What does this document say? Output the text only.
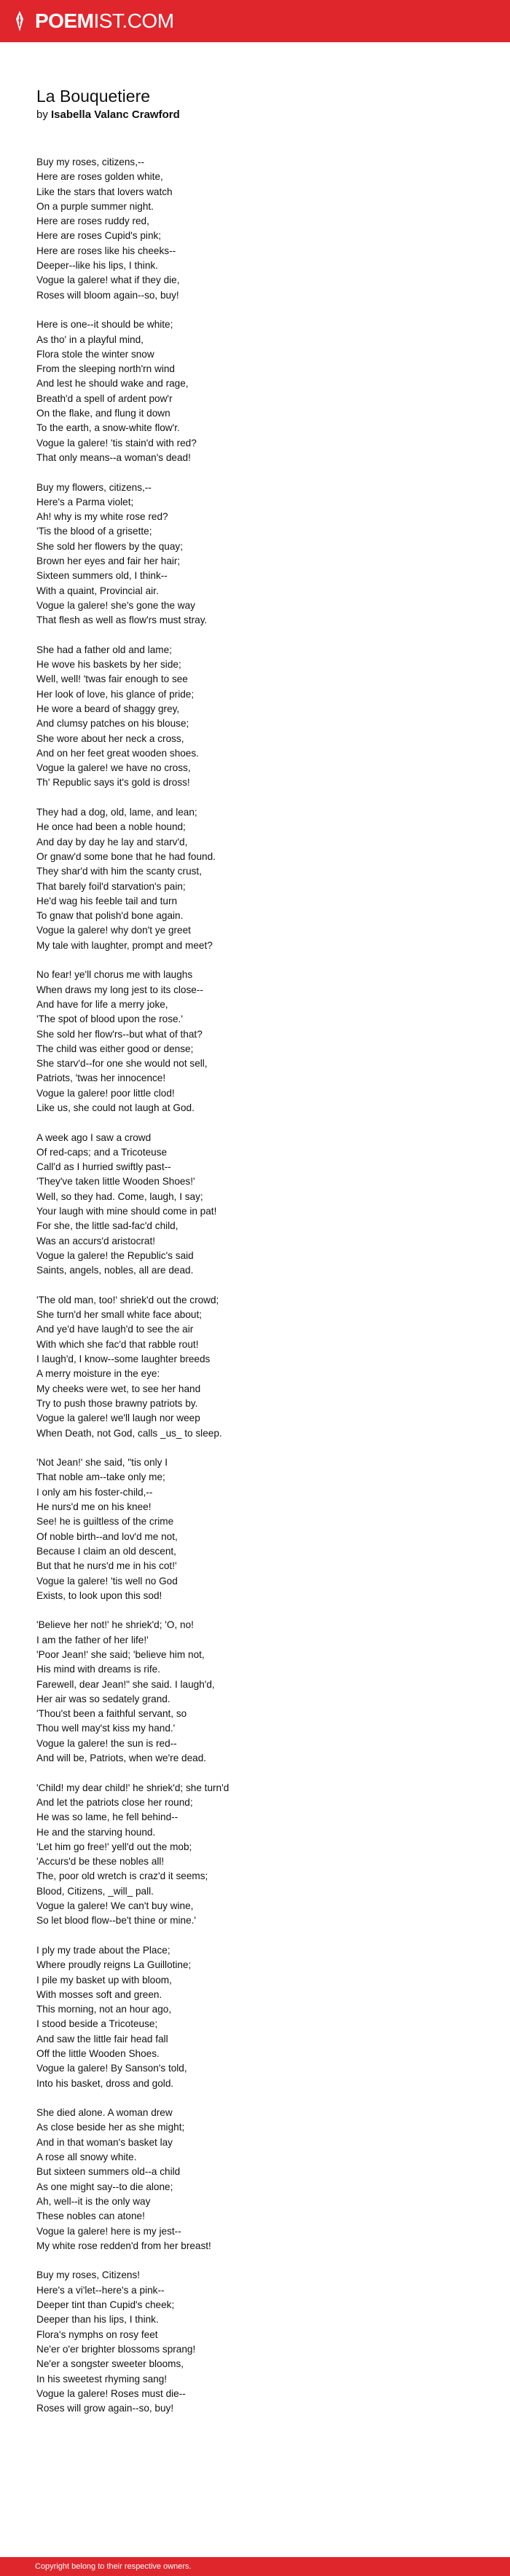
POEMIST.COM
La Bouquetiere
by Isabella Valanc Crawford
Buy my roses, citizens,--
Here are roses golden white,
Like the stars that lovers watch
On a purple summer night.
Here are roses ruddy red,
Here are roses Cupid's pink;
Here are roses like his cheeks--
Deeper--like his lips, I think.
Vogue la galere! what if they die,
Roses will bloom again--so, buy!
Here is one--it should be white;
As tho' in a playful mind,
Flora stole the winter snow
From the sleeping north'rn wind
And lest he should wake and rage,
Breath'd a spell of ardent pow'r
On the flake, and flung it down
To the earth, a snow-white flow'r.
Vogue la galere! 'tis stain'd with red?
That only means--a woman's dead!
Buy my flowers, citizens,--
Here's a Parma violet;
Ah! why is my white rose red?
'Tis the blood of a grisette;
She sold her flowers by the quay;
Brown her eyes and fair her hair;
Sixteen summers old, I think--
With a quaint, Provincial air.
Vogue la galere! she's gone the way
That flesh as well as flow'rs must stray.
She had a father old and lame;
He wove his baskets by her side;
Well, well! 'twas fair enough to see
Her look of love, his glance of pride;
He wore a beard of shaggy grey,
And clumsy patches on his blouse;
She wore about her neck a cross,
And on her feet great wooden shoes.
Vogue la galere! we have no cross,
Th' Republic says it's gold is dross!
They had a dog, old, lame, and lean;
He once had been a noble hound;
And day by day he lay and starv'd,
Or gnaw'd some bone that he had found.
They shar'd with him the scanty crust,
That barely foil'd starvation's pain;
He'd wag his feeble tail and turn
To gnaw that polish'd bone again.
Vogue la galere! why don't ye greet
My tale with laughter, prompt and meet?
No fear! ye'll chorus me with laughs
When draws my long jest to its close--
And have for life a merry joke,
'The spot of blood upon the rose.'
She sold her flow'rs--but what of that?
The child was either good or dense;
She starv'd--for one she would not sell,
Patriots, 'twas her innocence!
Vogue la galere! poor little clod!
Like us, she could not laugh at God.
A week ago I saw a crowd
Of red-caps; and a Tricoteuse
Call'd as I hurried swiftly past--
'They've taken little Wooden Shoes!'
Well, so they had. Come, laugh, I say;
Your laugh with mine should come in pat!
For she, the little sad-fac'd child,
Was an accurs'd aristocrat!
Vogue la galere! the Republic's said
Saints, angels, nobles, all are dead.
'The old man, too!' shriek'd out the crowd;
She turn'd her small white face about;
And ye'd have laugh'd to see the air
With which she fac'd that rabble rout!
I laugh'd, I know--some laughter breeds
A merry moisture in the eye:
My cheeks were wet, to see her hand
Try to push those brawny patriots by.
Vogue la galere! we'll laugh nor weep
When Death, not God, calls _us_ to sleep.
'Not Jean!' she said, "tis only I
That noble am--take only me;
I only am his foster-child,--
He nurs'd me on his knee!
See! he is guiltless of the crime
Of noble birth--and lov'd me not,
Because I claim an old descent,
But that he nurs'd me in his cot!'
Vogue la galere! 'tis well no God
Exists, to look upon this sod!
'Believe her not!' he shriek'd; 'O, no!
I am the father of her life!'
'Poor Jean!' she said; 'believe him not,
His mind with dreams is rife.
Farewell, dear Jean!" she said. I laugh'd,
Her air was so sedately grand.
'Thou'st been a faithful servant, so
Thou well may'st kiss my hand.'
Vogue la galere! the sun is red--
And will be, Patriots, when we're dead.
'Child! my dear child!' he shriek'd; she turn'd
And let the patriots close her round;
He was so lame, he fell behind--
He and the starving hound.
'Let him go free!' yell'd out the mob;
'Accurs'd be these nobles all!
The, poor old wretch is craz'd it seems;
Blood, Citizens, _will_ pall.
Vogue la galere! We can't buy wine,
So let blood flow--be't thine or mine.'
I ply my trade about the Place;
Where proudly reigns La Guillotine;
I pile my basket up with bloom,
With mosses soft and green.
This morning, not an hour ago,
I stood beside a Tricoteuse;
And saw the little fair head fall
Off the little Wooden Shoes.
Vogue la galere! By Sanson's told,
Into his basket, dross and gold.
She died alone. A woman drew
As close beside her as she might;
And in that woman's basket lay
A rose all snowy white.
But sixteen summers old--a child
As one might say--to die alone;
Ah, well--it is the only way
These nobles can atone!
Vogue la galere! here is my jest--
My white rose redden'd from her breast!
Buy my roses, Citizens!
Here's a vi'let--here's a pink--
Deeper tint than Cupid's cheek;
Deeper than his lips, I think.
Flora's nymphs on rosy feet
Ne'er o'er brighter blossoms sprang!
Ne'er a songster sweeter blooms,
In his sweetest rhyming sang!
Vogue la galere! Roses must die--
Roses will grow again--so, buy!
Copyright belong to their respective owners.
